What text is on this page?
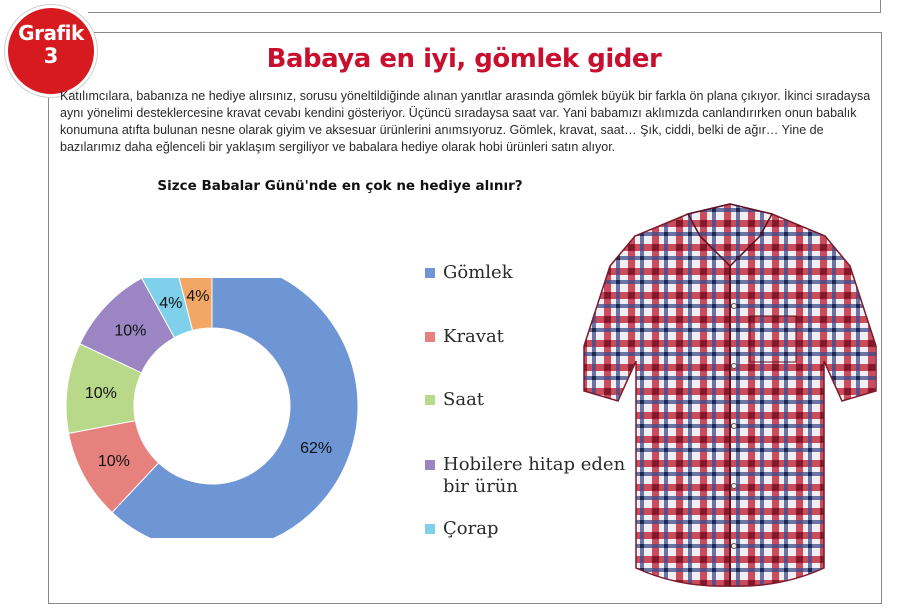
Grafik
3	Babaya en iyi, gömlek gider
Katılımcılara, babanıza ne hediye alırsınız, sorusu yöneltildiğinde alınan yanıtlar arasında gömlek büyük bir farkla ön plana çıkıyor. İkinci sıradaysa aynı yönelimi desteklercesine kravat cevabı kendini gösteriyor. Üçüncü sıradaysa saat var. Yani babamızı aklımızda canlandırırken onun babalık konumuna atıfta bulunan nesne olarak giyim ve aksesuar ürünlerini anımsıyoruz. Gömlek, kravat, saat… Şık, ciddi, belki de ağır… Yine de bazılarımız daha eğlenceli bir yaklaşım sergiliyor ve babalara hediye olarak hobi ürünleri satın alıyor.
Sizce Babalar Günü'nde en çok ne hediye alınır?
62%
10%
10%
10%
4% 4%
Gömlek
Kravat
Saat
Hobilere hitap eden bir ürün
Çorap
